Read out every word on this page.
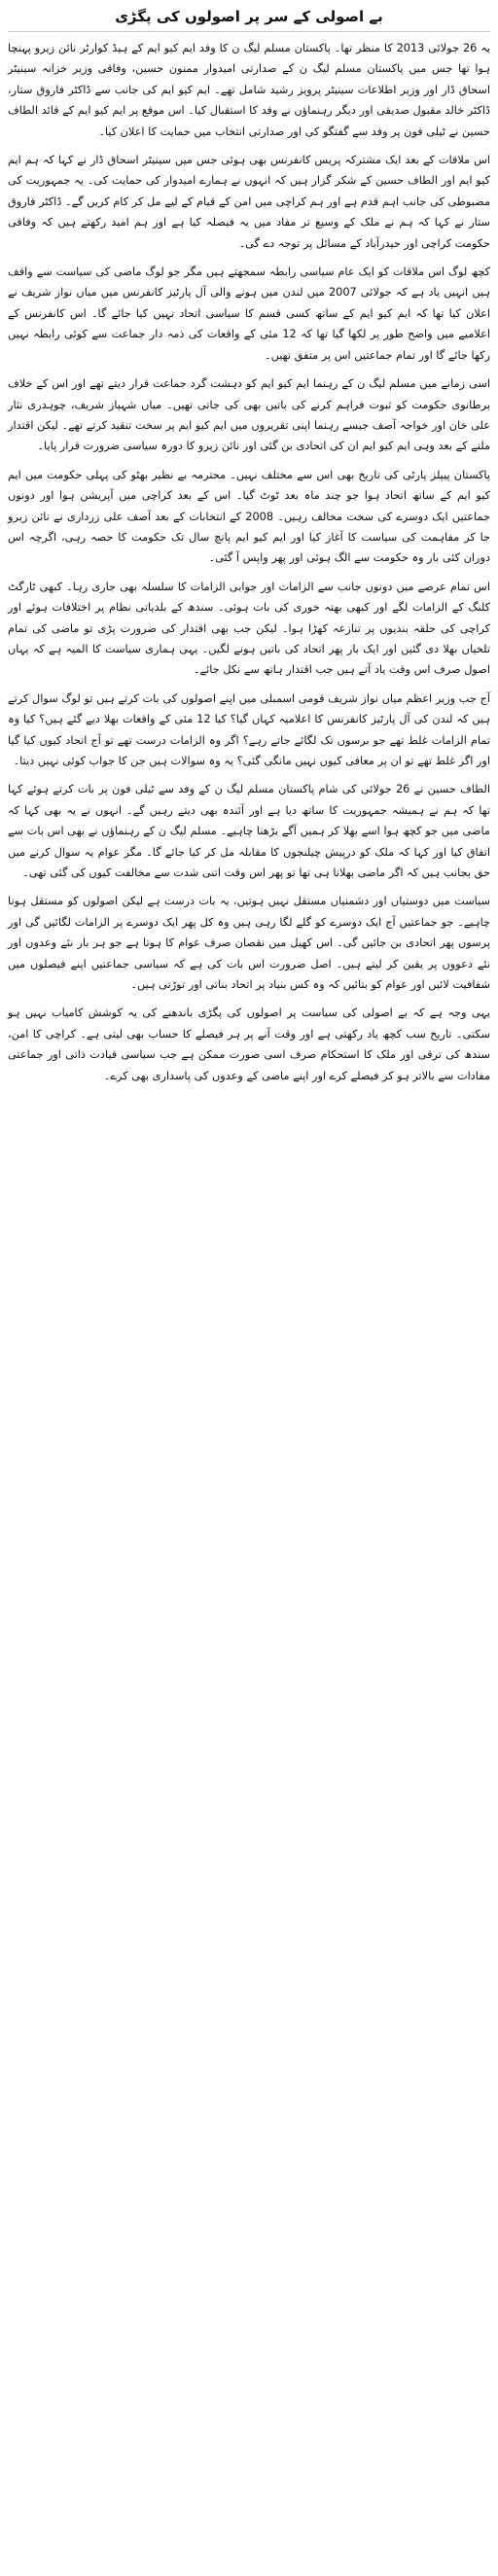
بے اصولی کے سر پر اصولوں کی پگڑی

یہ 26 جولائی 2013 کا منظر تھا۔ پاکستان مسلم لیگ ن کا وفد ایم کیو ایم کے ہیڈ کوارٹر نائن زیرو پہنچا ہوا تھا جس میں پاکستان مسلم لیگ ن کے صدارتی امیدوار ممنون حسین، وفاقی وزیر خزانہ سینیٹر اسحاق ڈار اور وزیر اطلاعات سینیٹر پرویز رشید شامل تھے۔ ایم کیو ایم کی جانب سے ڈاکٹر فاروق ستار، ڈاکٹر خالد مقبول صدیقی اور دیگر رہنماؤں نے وفد کا استقبال کیا۔ اس موقع پر ایم کیو ایم کے قائد الطاف حسین نے ٹیلی فون پر وفد سے گفتگو کی اور صدارتی انتخاب میں حمایت کا اعلان کیا۔

اس ملاقات کے بعد ایک مشترکہ پریس کانفرنس بھی ہوئی جس میں سینیٹر اسحاق ڈار نے کہا کہ ہم ایم کیو ایم اور الطاف حسین کے شکر گزار ہیں کہ انہوں نے ہمارے امیدوار کی حمایت کی۔ یہ جمہوریت کی مضبوطی کی جانب اہم قدم ہے اور ہم کراچی میں امن کے قیام کے لیے مل کر کام کریں گے۔ ڈاکٹر فاروق ستار نے کہا کہ ہم نے ملک کے وسیع تر مفاد میں یہ فیصلہ کیا ہے اور ہم امید رکھتے ہیں کہ وفاقی حکومت کراچی اور حیدرآباد کے مسائل پر توجہ دے گی۔

کچھ لوگ اس ملاقات کو ایک عام سیاسی رابطہ سمجھتے ہیں مگر جو لوگ ماضی کی سیاست سے واقف ہیں انہیں یاد ہے کہ جولائی 2007 میں لندن میں ہونے والی آل پارٹیز کانفرنس میں میاں نواز شریف نے اعلان کیا تھا کہ ایم کیو ایم کے ساتھ کسی قسم کا سیاسی اتحاد نہیں کیا جائے گا۔ اس کانفرنس کے اعلامیے میں واضح طور پر لکھا گیا تھا کہ 12 مئی کے واقعات کی ذمہ دار جماعت سے کوئی رابطہ نہیں رکھا جائے گا اور تمام جماعتیں اس پر متفق تھیں۔

اسی زمانے میں مسلم لیگ ن کے رہنما ایم کیو ایم کو دہشت گرد جماعت قرار دیتے تھے اور اس کے خلاف برطانوی حکومت کو ثبوت فراہم کرنے کی باتیں بھی کی جاتی تھیں۔ میاں شہباز شریف، چوہدری نثار علی خان اور خواجہ آصف جیسے رہنما اپنی تقریروں میں ایم کیو ایم پر سخت تنقید کرتے تھے۔ لیکن اقتدار ملنے کے بعد وہی ایم کیو ایم ان کی اتحادی بن گئی اور نائن زیرو کا دورہ سیاسی ضرورت قرار پایا۔

پاکستان پیپلز پارٹی کی تاریخ بھی اس سے مختلف نہیں۔ محترمہ بے نظیر بھٹو کی پہلی حکومت میں ایم کیو ایم کے ساتھ اتحاد ہوا جو چند ماہ بعد ٹوٹ گیا۔ اس کے بعد کراچی میں آپریشن ہوا اور دونوں جماعتیں ایک دوسرے کی سخت مخالف رہیں۔ 2008 کے انتخابات کے بعد آصف علی زرداری نے نائن زیرو جا کر مفاہمت کی سیاست کا آغاز کیا اور ایم کیو ایم پانچ سال تک حکومت کا حصہ رہی، اگرچہ اس دوران کئی بار وہ حکومت سے الگ ہوئی اور پھر واپس آ گئی۔

اس تمام عرصے میں دونوں جانب سے الزامات اور جوابی الزامات کا سلسلہ بھی جاری رہا۔ کبھی ٹارگٹ کلنگ کے الزامات لگے اور کبھی بھتہ خوری کی بات ہوئی۔ سندھ کے بلدیاتی نظام پر اختلافات ہوئے اور کراچی کی حلقہ بندیوں پر تنازعہ کھڑا ہوا۔ لیکن جب بھی اقتدار کی ضرورت پڑی تو ماضی کی تمام تلخیاں بھلا دی گئیں اور ایک بار پھر اتحاد کی باتیں ہونے لگیں۔ یہی ہماری سیاست کا المیہ ہے کہ یہاں اصول صرف اس وقت یاد آتے ہیں جب اقتدار ہاتھ سے نکل جائے۔

آج جب وزیر اعظم میاں نواز شریف قومی اسمبلی میں اپنے اصولوں کی بات کرتے ہیں تو لوگ سوال کرتے ہیں کہ لندن کی آل پارٹیز کانفرنس کا اعلامیہ کہاں گیا؟ کیا 12 مئی کے واقعات بھلا دیے گئے ہیں؟ کیا وہ تمام الزامات غلط تھے جو برسوں تک لگائے جاتے رہے؟ اگر وہ الزامات درست تھے تو آج اتحاد کیوں کیا گیا اور اگر غلط تھے تو ان پر معافی کیوں نہیں مانگی گئی؟ یہ وہ سوالات ہیں جن کا جواب کوئی نہیں دیتا۔

الطاف حسین نے 26 جولائی کی شام پاکستان مسلم لیگ ن کے وفد سے ٹیلی فون پر بات کرتے ہوئے کہا تھا کہ ہم نے ہمیشہ جمہوریت کا ساتھ دیا ہے اور آئندہ بھی دیتے رہیں گے۔ انہوں نے یہ بھی کہا کہ ماضی میں جو کچھ ہوا اسے بھلا کر ہمیں آگے بڑھنا چاہیے۔ مسلم لیگ ن کے رہنماؤں نے بھی اس بات سے اتفاق کیا اور کہا کہ ملک کو درپیش چیلنجوں کا مقابلہ مل کر کیا جائے گا۔ مگر عوام یہ سوال کرنے میں حق بجانب ہیں کہ اگر ماضی بھلانا ہی تھا تو پھر اس وقت اتنی شدت سے مخالفت کیوں کی گئی تھی۔

سیاست میں دوستیاں اور دشمنیاں مستقل نہیں ہوتیں، یہ بات درست ہے لیکن اصولوں کو مستقل ہونا چاہیے۔ جو جماعتیں آج ایک دوسرے کو گلے لگا رہی ہیں وہ کل پھر ایک دوسرے پر الزامات لگائیں گی اور پرسوں پھر اتحادی بن جائیں گی۔ اس کھیل میں نقصان صرف عوام کا ہوتا ہے جو ہر بار نئے وعدوں اور نئے دعووں پر یقین کر لیتے ہیں۔ اصل ضرورت اس بات کی ہے کہ سیاسی جماعتیں اپنے فیصلوں میں شفافیت لائیں اور عوام کو بتائیں کہ وہ کس بنیاد پر اتحاد بناتی اور توڑتی ہیں۔

یہی وجہ ہے کہ بے اصولی کی سیاست پر اصولوں کی پگڑی باندھنے کی یہ کوشش کامیاب نہیں ہو سکتی۔ تاریخ سب کچھ یاد رکھتی ہے اور وقت آنے پر ہر فیصلے کا حساب بھی لیتی ہے۔ کراچی کا امن، سندھ کی ترقی اور ملک کا استحکام صرف اسی صورت ممکن ہے جب سیاسی قیادت ذاتی اور جماعتی مفادات سے بالاتر ہو کر فیصلے کرے اور اپنے ماضی کے وعدوں کی پاسداری بھی کرے۔
